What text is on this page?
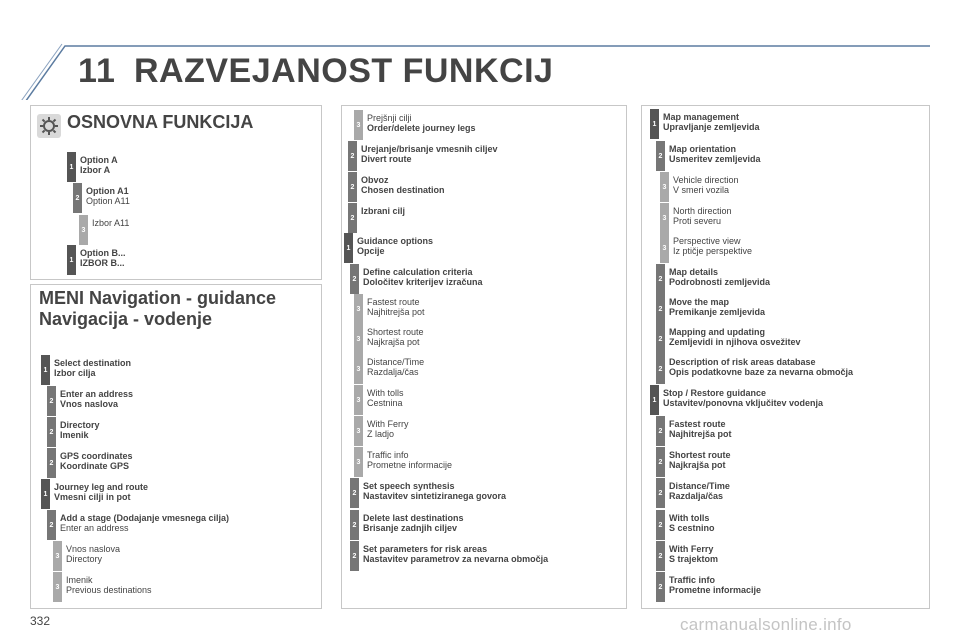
11 RAZVEJANOST FUNKCIJ
OSNOVNA FUNKCIJA
1
Option A
Izbor A
2
Option A1
Option A11
3
Izbor A11
1
Option B...
IZBOR B...
MENI Navigation - guidance
Navigacija - vodenje
1
Select destination
Izbor cilja
2
Enter an address
Vnos naslova
2
Directory
Imenik
2
GPS coordinates
Koordinate GPS
1
Journey leg and route
Vmesni cilji in pot
2
Add a stage (Dodajanje vmesnega cilja)
Enter an address
3
Vnos naslova
Directory
3
Imenik
Previous destinations
3
Prejšnji cilji
Order/delete journey legs
2
Urejanje/brisanje vmesnih ciljev
Divert route
2
Obvoz
Chosen destination
2
Izbrani cilj
1
Guidance options
Opcije
2
Define calculation criteria
Določitev kriterijev izračuna
3
Fastest route
Najhitrejša pot
3
Shortest route
Najkrajša pot
3
Distance/Time
Razdalja/čas
3
With tolls
Cestnina
3
With Ferry
Z ladjo
3
Traffic info
Prometne informacije
2
Set speech synthesis
Nastavitev sintetiziranega govora
2
Delete last destinations
Brisanje zadnjih ciljev
2
Set parameters for risk areas
Nastavitev parametrov za nevarna območja
1
Map management
Upravljanje zemljevida
2
Map orientation
Usmeritev zemljevida
3
Vehicle direction
V smeri vozila
3
North direction
Proti severu
3
Perspective view
Iz ptičje perspektive
2
Map details
Podrobnosti zemljevida
2
Move the map
Premikanje zemljevida
2
Mapping and updating
Zemljevidi in njihova osvežitev
2
Description of risk areas database
Opis podatkovne baze za nevarna območja
1
Stop / Restore guidance
Ustavitev/ponovna vključitev vodenja
2
Fastest route
Najhitrejša pot
2
Shortest route
Najkrajša pot
2
Distance/Time
Razdalja/čas
2
With tolls
S cestnino
2
With Ferry
S trajektom
2
Traffic info
Prometne informacije
332	carmanualsonline.info
